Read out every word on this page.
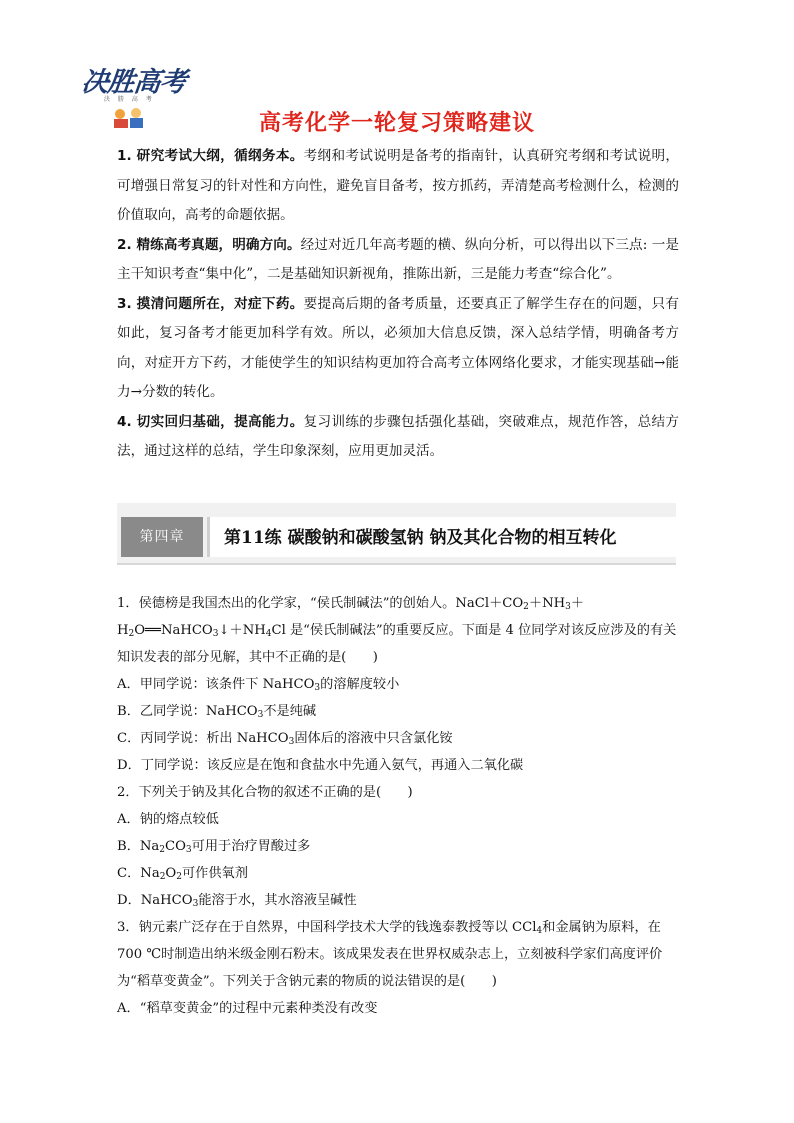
决胜高考
決 勝 高 考
高考化学一轮复习策略建议

1. 研究考试大纲，循纲务本。考纲和考试说明是备考的指南针，认真研究考纲和考试说明，可增强日常复习的针对性和方向性，避免盲目备考，按方抓药，弄清楚高考检测什么，检测的价值取向，高考的命题依据。

2. 精练高考真题，明确方向。经过对近几年高考题的横、纵向分析，可以得出以下三点: 一是主干知识考查“集中化”，二是基础知识新视角，推陈出新，三是能力考查“综合化”。

3. 摸清问题所在，对症下药。要提高后期的备考质量，还要真正了解学生存在的问题，只有如此，复习备考才能更加科学有效。所以，必须加大信息反馈，深入总结学情，明确备考方向，对症开方下药，才能使学生的知识结构更加符合高考立体网络化要求，才能实现基础→能力→分数的转化。

4. 切实回归基础，提高能力。复习训练的步骤包括强化基础，突破难点，规范作答，总结方法，通过这样的总结，学生印象深刻，应用更加灵活。

第四章	第11练 碳酸钠和碳酸氢钠 钠及其化合物的相互转化

1．侯德榜是我国杰出的化学家，“侯氏制碱法”的创始人。$NaCl+CO_2+NH_3+$
$H_2O══NaHCO_3↓+NH_4Cl$ 是“侯氏制碱法”的重要反应。下面是 4 位同学对该反应涉及的有关知识发表的部分见解，其中不正确的是(　　)

A．甲同学说：该条件下 NaHCO$_3$的溶解度较小

B．乙同学说：NaHCO$_3$不是纯碱

C．丙同学说：析出 NaHCO$_3$固体后的溶液中只含氯化铵

D．丁同学说：该反应是在饱和食盐水中先通入氨气，再通入二氧化碳

2．下列关于钠及其化合物的叙述不正确的是(　　)

A．钠的熔点较低

B．$Na_2CO_3$可用于治疗胃酸过多

C．$Na_2O_2$可作供氧剂

D．NaHCO$_3$能溶于水，其水溶液呈碱性

3．钠元素广泛存在于自然界，中国科学技术大学的钱逸泰教授等以 CCl$_4$和金属钠为原料，在 700 ℃时制造出纳米级金刚石粉末。该成果发表在世界权威杂志上，立刻被科学家们高度评价为“稻草变黄金”。下列关于含钠元素的物质的说法错误的是(　　)

A．“稻草变黄金”的过程中元素种类没有改变
